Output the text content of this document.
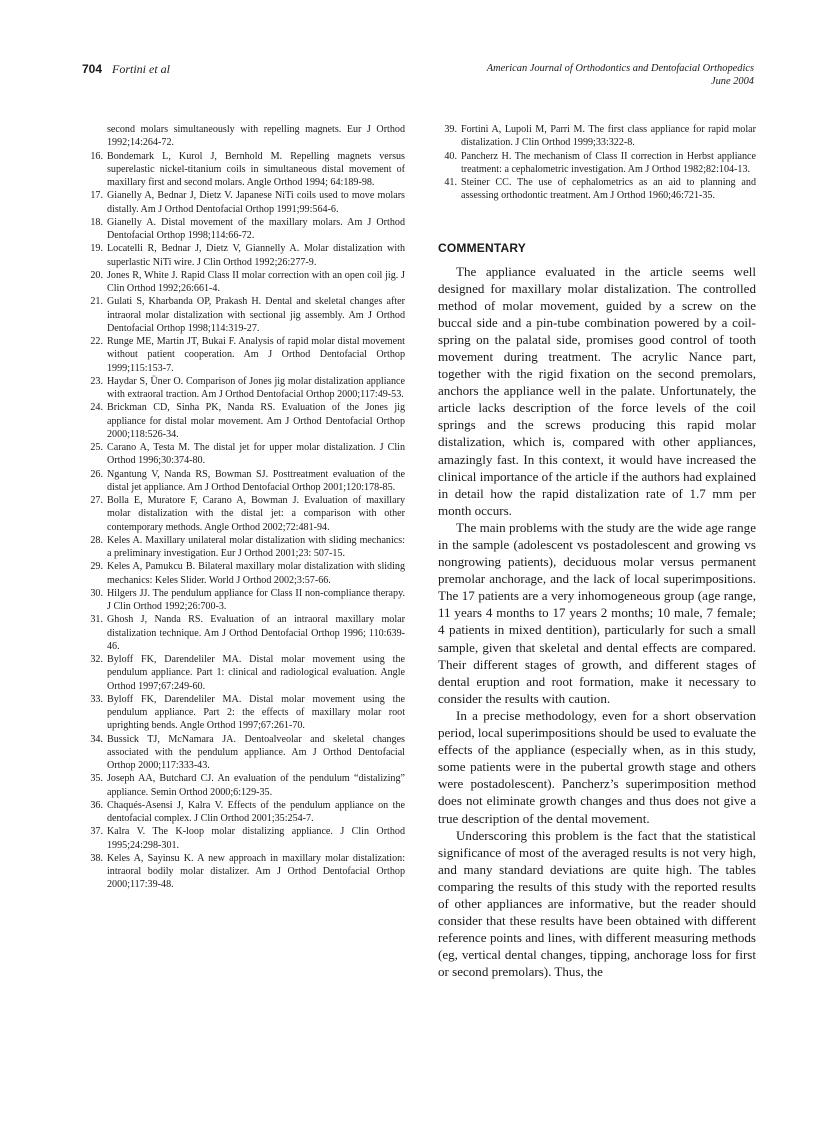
704 Fortini et al	American Journal of Orthodontics and Dentofacial Orthopedics
June 2004
second molars simultaneously with repelling magnets. Eur J Orthod 1992;14:264-72.
16. Bondemark L, Kurol J, Bernhold M. Repelling magnets versus superelastic nickel-titanium coils in simultaneous distal movement of maxillary first and second molars. Angle Orthod 1994; 64:189-98.
17. Gianelly A, Bednar J, Dietz V. Japanese NiTi coils used to move molars distally. Am J Orthod Dentofacial Orthop 1991;99:564-6.
18. Gianelly A. Distal movement of the maxillary molars. Am J Orthod Dentofacial Orthop 1998;114:66-72.
19. Locatelli R, Bednar J, Dietz V, Giannelly A. Molar distalization with superlastic NiTi wire. J Clin Orthod 1992;26:277-9.
20. Jones R, White J. Rapid Class II molar correction with an open coil jig. J Clin Orthod 1992;26:661-4.
21. Gulati S, Kharbanda OP, Prakash H. Dental and skeletal changes after intraoral molar distalization with sectional jig assembly. Am J Orthod Dentofacial Orthop 1998;114:319-27.
22. Runge ME, Martin JT, Bukai F. Analysis of rapid molar distal movement without patient cooperation. Am J Orthod Dentofacial Orthop 1999;115:153-7.
23. Haydar S, Üner O. Comparison of Jones jig molar distalization appliance with extraoral traction. Am J Orthod Dentofacial Orthop 2000;117:49-53.
24. Brickman CD, Sinha PK, Nanda RS. Evaluation of the Jones jig appliance for distal molar movement. Am J Orthod Dentofacial Orthop 2000;118:526-34.
25. Carano A, Testa M. The distal jet for upper molar distalization. J Clin Orthod 1996;30:374-80.
26. Ngantung V, Nanda RS, Bowman SJ. Posttreatment evaluation of the distal jet appliance. Am J Orthod Dentofacial Orthop 2001;120:178-85.
27. Bolla E, Muratore F, Carano A, Bowman J. Evaluation of maxillary molar distalization with the distal jet: a comparison with other contemporary methods. Angle Orthod 2002;72:481-94.
28. Keles A. Maxillary unilateral molar distalization with sliding mechanics: a preliminary investigation. Eur J Orthod 2001;23: 507-15.
29. Keles A, Pamukcu B. Bilateral maxillary molar distalization with sliding mechanics: Keles Slider. World J Orthod 2002;3:57-66.
30. Hilgers JJ. The pendulum appliance for Class II non-compliance therapy. J Clin Orthod 1992;26:700-3.
31. Ghosh J, Nanda RS. Evaluation of an intraoral maxillary molar distalization technique. Am J Orthod Dentofacial Orthop 1996; 110:639-46.
32. Byloff FK, Darendeliler MA. Distal molar movement using the pendulum appliance. Part 1: clinical and radiological evaluation. Angle Orthod 1997;67:249-60.
33. Byloff FK, Darendeliler MA. Distal molar movement using the pendulum appliance. Part 2: the effects of maxillary molar root uprighting bends. Angle Orthod 1997;67:261-70.
34. Bussick TJ, McNamara JA. Dentoalveolar and skeletal changes associated with the pendulum appliance. Am J Orthod Dentofacial Orthop 2000;117:333-43.
35. Joseph AA, Butchard CJ. An evaluation of the pendulum “distalizing” appliance. Semin Orthod 2000;6:129-35.
36. Chaqués-Asensi J, Kalra V. Effects of the pendulum appliance on the dentofacial complex. J Clin Orthod 2001;35:254-7.
37. Kalra V. The K-loop molar distalizing appliance. J Clin Orthod 1995;24:298-301.
38. Keles A, Sayinsu K. A new approach in maxillary molar distalization: intraoral bodily molar distalizer. Am J Orthod Dentofacial Orthop 2000;117:39-48.
39. Fortini A, Lupoli M, Parri M. The first class appliance for rapid molar distalization. J Clin Orthod 1999;33:322-8.
40. Pancherz H. The mechanism of Class II correction in Herbst appliance treatment: a cephalometric investigation. Am J Orthod 1982;82:104-13.
41. Steiner CC. The use of cephalometrics as an aid to planning and assessing orthodontic treatment. Am J Orthod 1960;46:721-35.
COMMENTARY

The appliance evaluated in the article seems well designed for maxillary molar distalization. The controlled method of molar movement, guided by a screw on the buccal side and a pin-tube combination powered by a coil-spring on the palatal side, promises good control of tooth movement during treatment. The acrylic Nance part, together with the rigid fixation on the second premolars, anchors the appliance well in the palate. Unfortunately, the article lacks description of the force levels of the coil springs and the screws producing this rapid molar distalization, which is, compared with other appliances, amazingly fast. In this context, it would have increased the clinical importance of the article if the authors had explained in detail how the rapid distalization rate of 1.7 mm per month occurs.

The main problems with the study are the wide age range in the sample (adolescent vs postadolescent and growing vs nongrowing patients), deciduous molar versus permanent premolar anchorage, and the lack of local superimpositions. The 17 patients are a very inhomogeneous group (age range, 11 years 4 months to 17 years 2 months; 10 male, 7 female; 4 patients in mixed dentition), particularly for such a small sample, given that skeletal and dental effects are compared. Their different stages of growth, and different stages of dental eruption and root formation, make it necessary to consider the results with caution.

In a precise methodology, even for a short observation period, local superimpositions should be used to evaluate the effects of the appliance (especially when, as in this study, some patients were in the pubertal growth stage and others were postadolescent). Pancherz’s superimposition method does not eliminate growth changes and thus does not give a true description of the dental movement.

Underscoring this problem is the fact that the statistical significance of most of the averaged results is not very high, and many standard deviations are quite high. The tables comparing the results of this study with the reported results of other appliances are informative, but the reader should consider that these results have been obtained with different reference points and lines, with different measuring methods (eg, vertical dental changes, tipping, anchorage loss for first or second premolars). Thus, the
